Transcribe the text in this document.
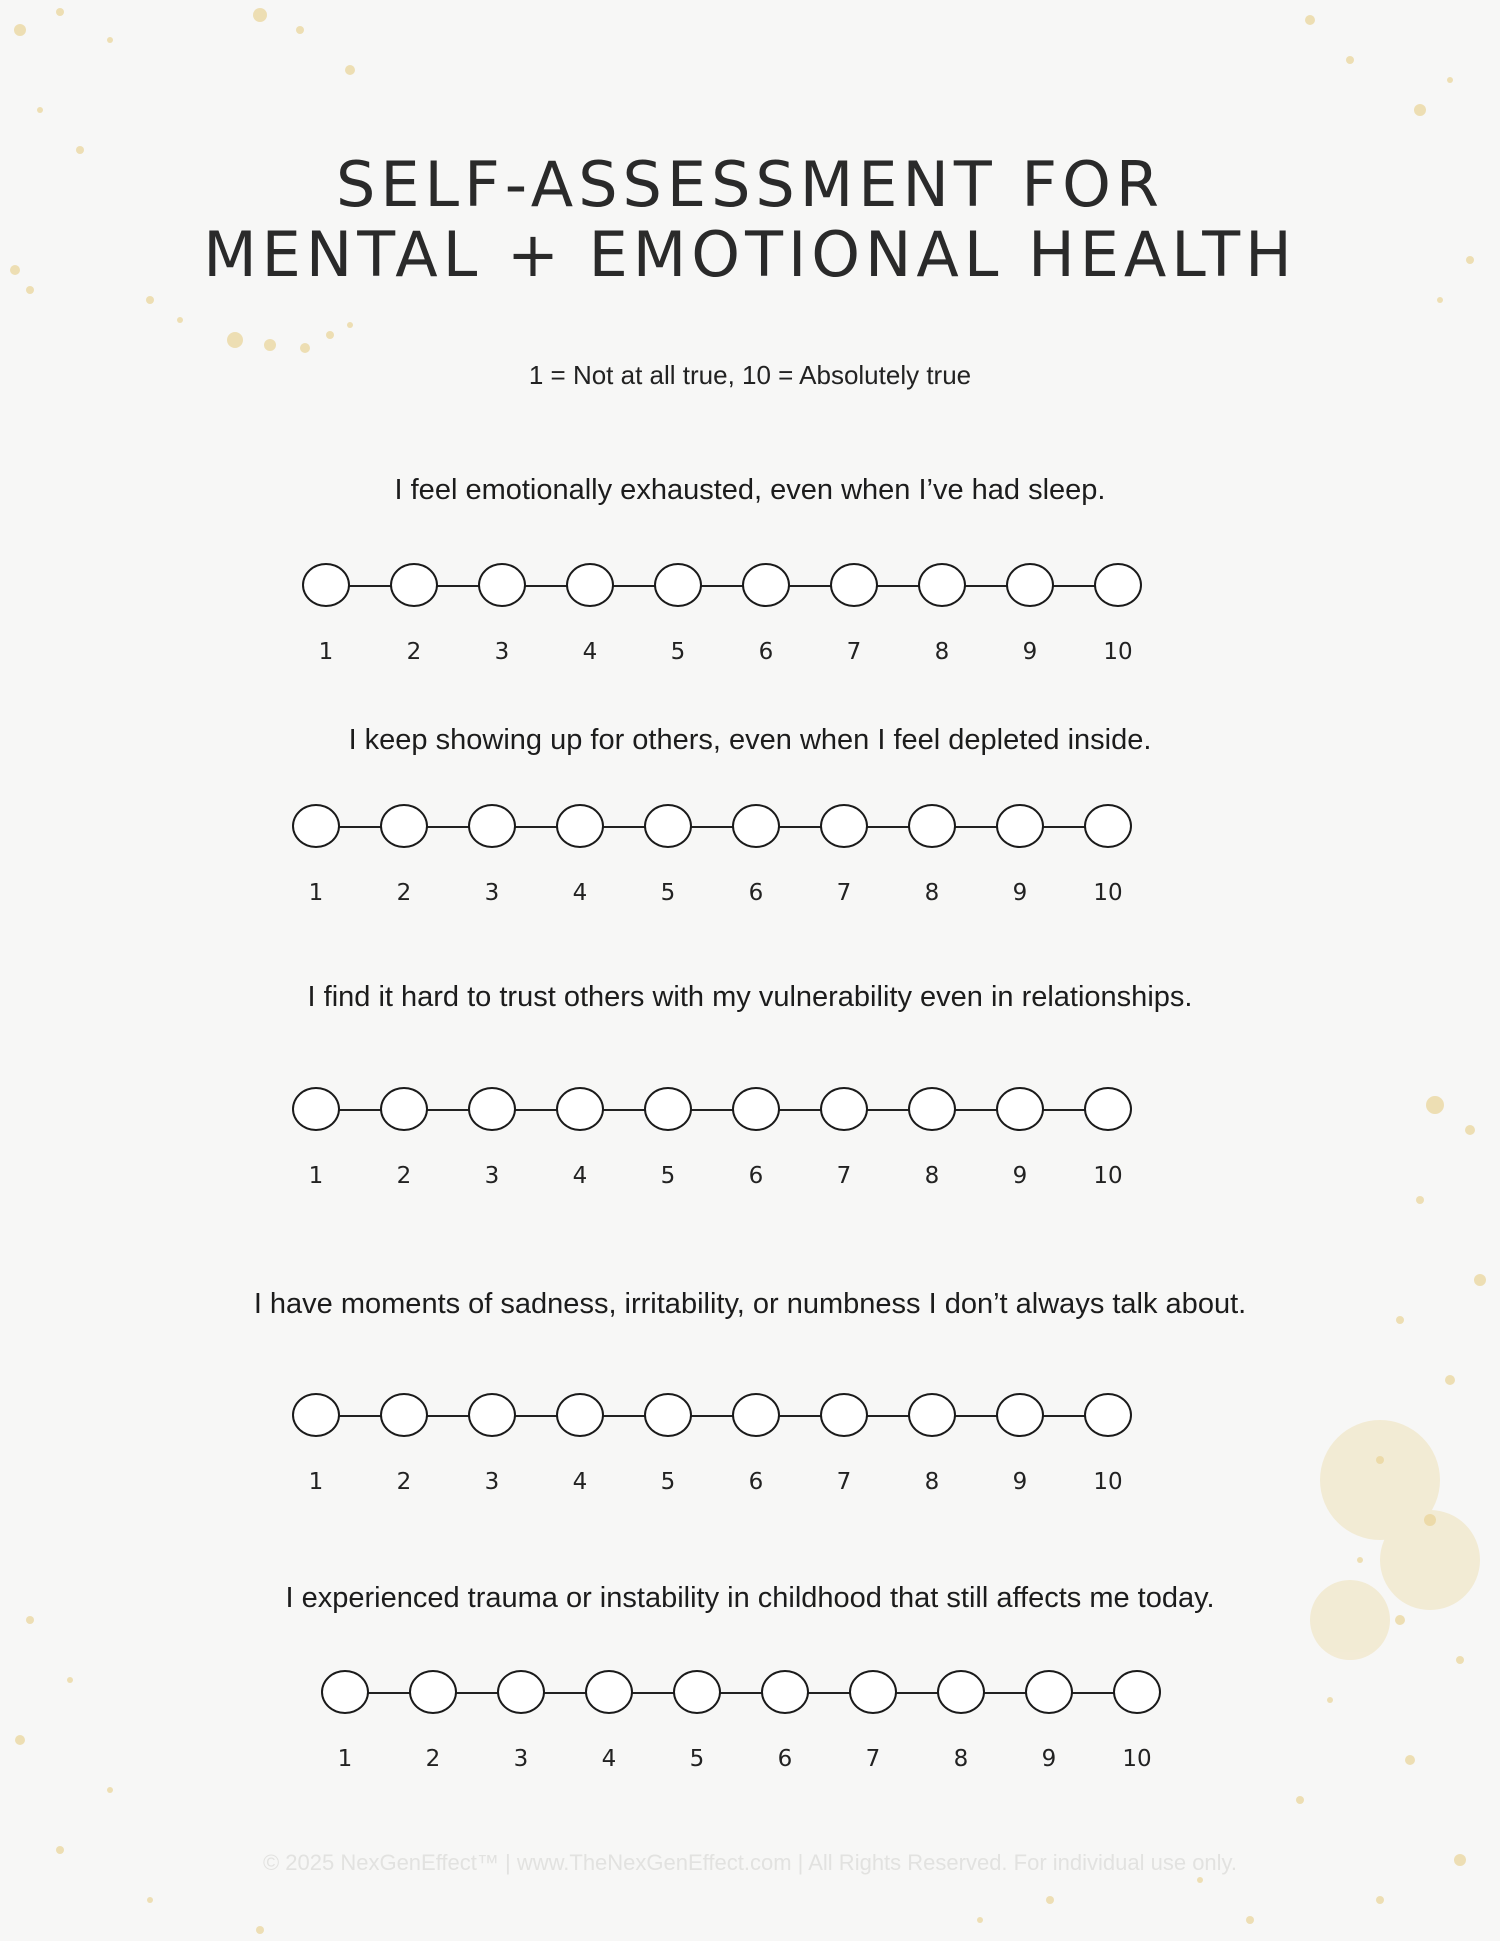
SELF-ASSESSMENT FOR
MENTAL + EMOTIONAL HEALTH
1 = Not at all true, 10 = Absolutely true
I feel emotionally exhausted, even when I’ve had sleep.
1	2	3	4	5	6	7	8	9	10
I keep showing up for others, even when I feel depleted inside.
1	2	3	4	5	6	7	8	9	10
I find it hard to trust others with my vulnerability even in relationships.
1	2	3	4	5	6	7	8	9	10
I have moments of sadness, irritability, or numbness I don’t always talk about.
1	2	3	4	5	6	7	8	9	10
I experienced trauma or instability in childhood that still affects me today.
1	2	3	4	5	6	7	8	9	10
© 2025 NexGenEffect™ | www.TheNexGenEffect.com | All Rights Reserved. For individual use only.
